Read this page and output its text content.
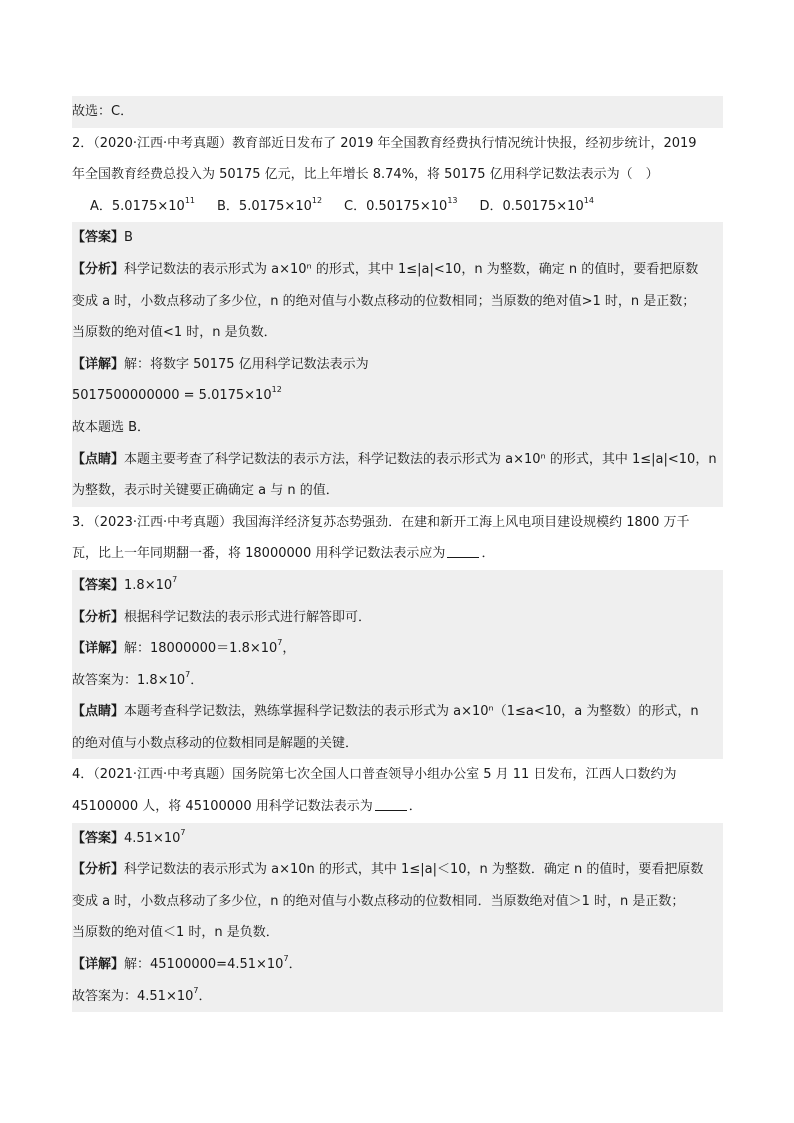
故选：C．
2．（2020·江西·中考真题）教育部近日发布了 2019 年全国教育经费执行情况统计快报，经初步统计，2019
年全国教育经费总投入为 50175 亿元，比上年增长 8.74%，将 50175 亿用科学记数法表示为（　）
A．$5.0175\times 10^{11}$ B．$5.0175\times 10^{12}$ C．$0.50175\times 10^{13}$ D．$0.50175\times 10^{14}$
【答案】B
【分析】科学记数法的表示形式为 a×10ⁿ 的形式，其中 1≤|a|<10，n 为整数，确定 n 的值时，要看把原数
变成 a 时，小数点移动了多少位，n 的绝对值与小数点移动的位数相同；当原数的绝对值>1 时，n 是正数；
当原数的绝对值<1 时，n 是负数．
【详解】解：将数字 50175 亿用科学记数法表示为
$5017500000000 = 5.0175\times 10^{12}$
故本题选 B．
【点睛】本题主要考查了科学记数法的表示方法，科学记数法的表示形式为 a×10ⁿ 的形式，其中 1≤|a|<10，n
为整数，表示时关键要正确确定 a 与 n 的值．
3．（2023·江西·中考真题）我国海洋经济复苏态势强劲．在建和新开工海上风电项目建设规模约 1800 万千
瓦，比上一年同期翻一番，将 18000000 用科学记数法表示应为	．
【答案】$1.8\times 10^7$
【分析】根据科学记数法的表示形式进行解答即可．
【详解】解：$18000000=1.8\times 10^7$，
故答案为：$1.8\times 10^7$．
【点睛】本题考查科学记数法，熟练掌握科学记数法的表示形式为 a×10ⁿ（1≤a<10，a 为整数）的形式，n
的绝对值与小数点移动的位数相同是解题的关键．
4．（2021·江西·中考真题）国务院第七次全国人口普查领导小组办公室 5 月 11 日发布，江西人口数约为
45100000 人，将 45100000 用科学记数法表示为	．
【答案】$4.51\times 10^7$
【分析】科学记数法的表示形式为 a×10n 的形式，其中 1≤|a|＜10，n 为整数．确定 n 的值时，要看把原数
变成 a 时，小数点移动了多少位，n 的绝对值与小数点移动的位数相同．当原数绝对值＞1 时，n 是正数；
当原数的绝对值＜1 时，n 是负数．
【详解】解：$45100000=4.51\times 10^7$．
故答案为：$4.51\times 10^7$．
